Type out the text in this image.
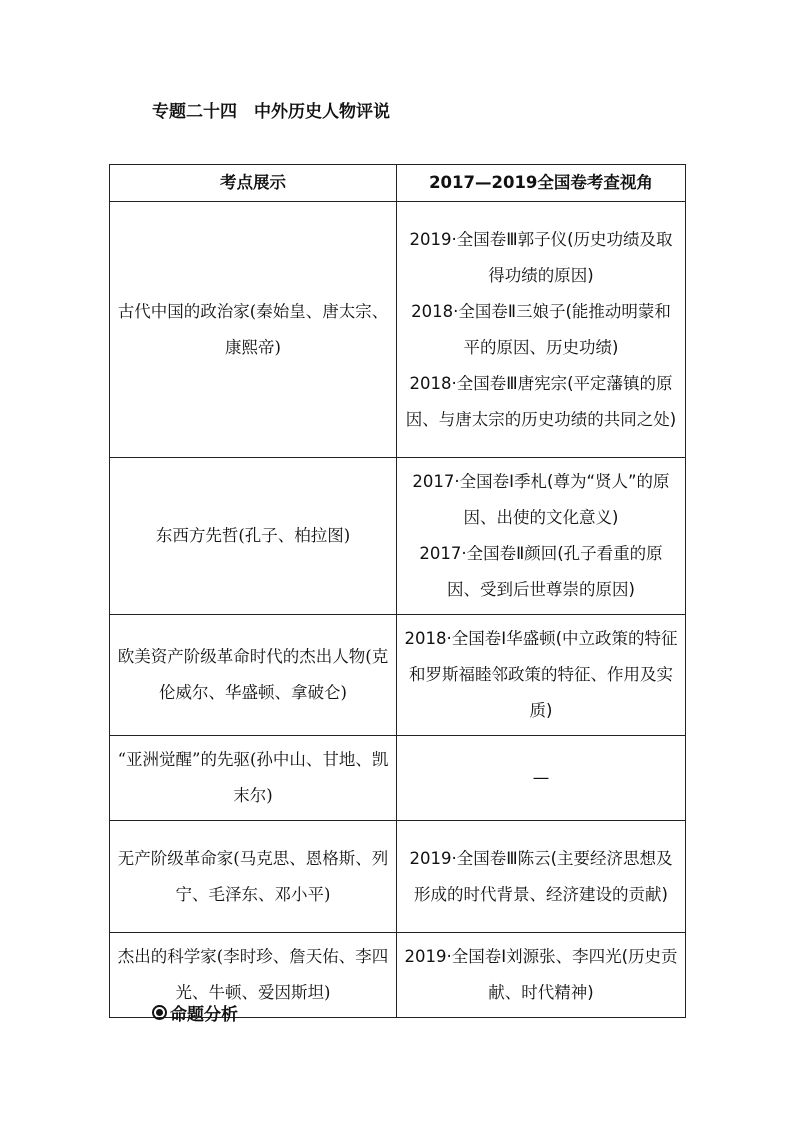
专题二十四　中外历史人物评说
考点展示	2017—2019全国卷考查视角
古代中国的政治家(秦始皇、唐太宗、康熙帝)	2019·全国卷Ⅲ郭子仪(历史功绩及取得功绩的原因)
2018·全国卷Ⅱ三娘子(能推动明蒙和平的原因、历史功绩)
2018·全国卷Ⅲ唐宪宗(平定藩镇的原因、与唐太宗的历史功绩的共同之处)

东西方先哲(孔子、柏拉图)	2017·全国卷Ⅰ季札(尊为“贤人”的原因、出使的文化意义)
2017·全国卷Ⅱ颜回(孔子看重的原因、受到后世尊崇的原因)

欧美资产阶级革命时代的杰出人物(克伦威尔、华盛顿、拿破仑)	2018·全国卷Ⅰ华盛顿(中立政策的特征和罗斯福睦邻政策的特征、作用及实质)

“亚洲觉醒”的先驱(孙中山、甘地、凯末尔)	—

无产阶级革命家(马克思、恩格斯、列宁、毛泽东、邓小平)	2019·全国卷Ⅲ陈云(主要经济思想及形成的时代背景、经济建设的贡献)

杰出的科学家(李时珍、詹天佑、李四光、牛顿、爱因斯坦)	2019·全国卷Ⅰ刘源张、李四光(历史贡献、时代精神)
命题分析
